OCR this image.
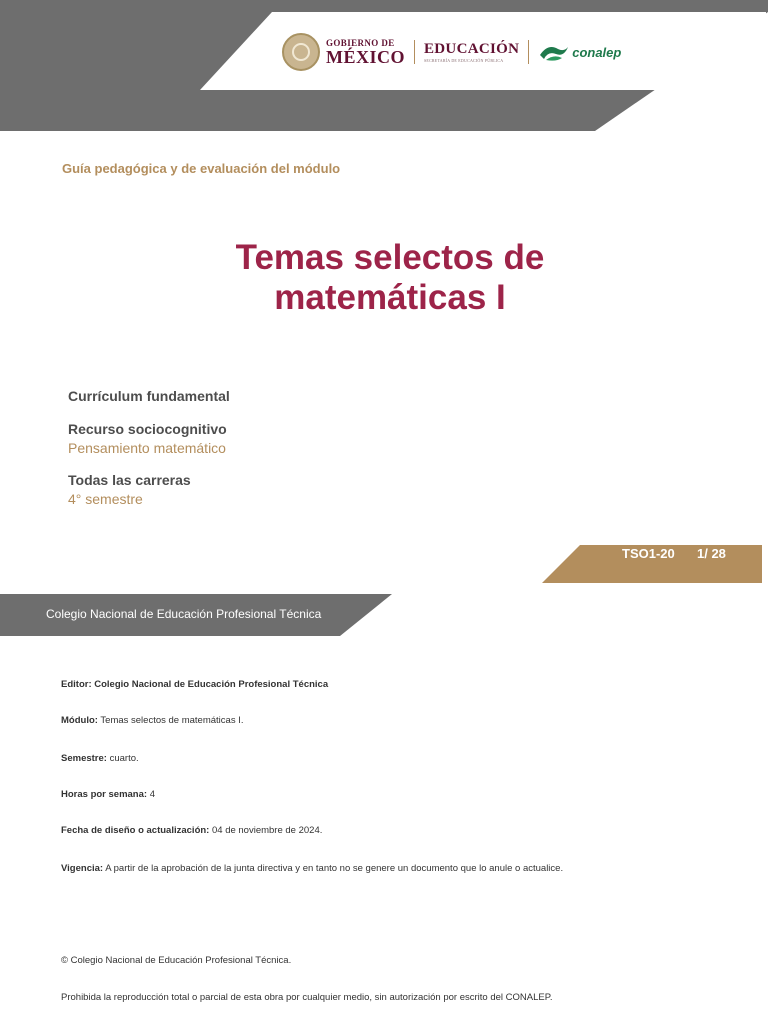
GOBIERNO DE
MÉXICO EDUCACIÓN
SECRETARÍA DE EDUCACIÓN PÚBLICA
conalep
Guía pedagógica y de evaluación del módulo
Temas selectos de
matemáticas I
Currículum fundamental
Recurso sociocognitivo
Pensamiento matemático
Todas las carreras
4° semestre
TSO1-20 1/ 28
Colegio Nacional de Educación Profesional Técnica
Editor: Colegio Nacional de Educación Profesional Técnica
Módulo: Temas selectos de matemáticas I.
Semestre: cuarto.
Horas por semana: 4
Fecha de diseño o actualización: 04 de noviembre de 2024.
Vigencia: A partir de la aprobación de la junta directiva y en tanto no se genere un documento que lo anule o actualice.
© Colegio Nacional de Educación Profesional Técnica.
Prohibida la reproducción total o parcial de esta obra por cualquier medio, sin autorización por escrito del CONALEP.
